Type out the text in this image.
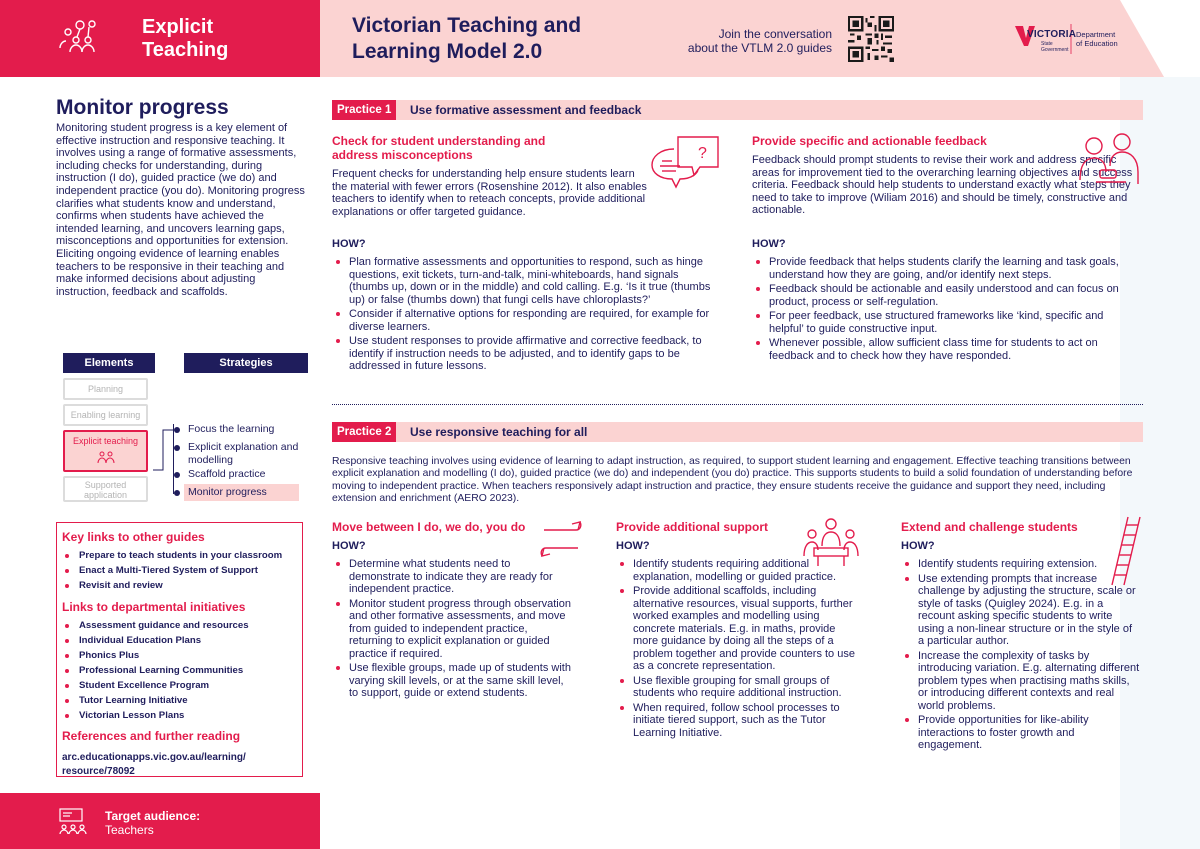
Explicit
Teaching
Victorian Teaching and
Learning Model 2.0
Join the conversation
about the VTLM 2.0 guides
VICTORIA
State Government
Department
of Education
Monitor progress
Monitoring student progress is a key element of effective instruction and responsive teaching. It involves using a range of formative assessments, including checks for understanding, during instruction (I do), guided practice (we do) and independent practice (you do). Monitoring progress clarifies what students know and understand, confirms when students have achieved the intended learning, and uncovers learning gaps, misconceptions and opportunities for extension. Eliciting ongoing evidence of learning enables teachers to be responsive in their teaching and make informed decisions about adjusting instruction, feedback and scaffolds.
Elements	Strategies
Planning
Enabling learning
Explicit teaching
Supported application
Focus the learning
Explicit explanation and modelling
Scaffold practice
Monitor progress
Key links to other guides
Prepare to teach students in your classroom
Enact a Multi-Tiered System of Support
Revisit and review
Links to departmental initiatives
Assessment guidance and resources
Individual Education Plans
Phonics Plus
Professional Learning Communities
Student Excellence Program
Tutor Learning Initiative
Victorian Lesson Plans
References and further reading
arc.educationapps.vic.gov.au/learning/ resource/78092
Target audience:
Teachers
Practice 1	Use formative assessment and feedback
Check for student understanding and address misconceptions
Frequent checks for understanding help ensure students learn the material with fewer errors (Rosenshine 2012). It also enables teachers to identify when to reteach concepts, provide additional explanations or offer targeted guidance.
HOW?
Plan formative assessments and opportunities to respond, such as hinge questions, exit tickets, turn-and-talk, mini-whiteboards, hand signals (thumbs up, down or in the middle) and cold calling. E.g. ‘Is it true (thumbs up) or false (thumbs down) that fungi cells have chloroplasts?’
Consider if alternative options for responding are required, for example for diverse learners.
Use student responses to provide affirmative and corrective feedback, to identify if instruction needs to be adjusted, and to identify gaps to be addressed in future lessons.
?
Provide specific and actionable feedback
Feedback should prompt students to revise their work and address specific areas for improvement tied to the overarching learning objectives and success criteria. Feedback should help students to understand exactly what steps they need to take to improve (Wiliam 2016) and should be timely, constructive and actionable.
HOW?
Provide feedback that helps students clarify the learning and task goals, understand how they are going, and/or identify next steps.
Feedback should be actionable and easily understood and can focus on product, process or self-regulation.
For peer feedback, use structured frameworks like ‘kind, specific and helpful’ to guide constructive input.
Whenever possible, allow sufficient class time for students to act on feedback and to check how they have responded.
Practice 2	Use responsive teaching for all
Responsive teaching involves using evidence of learning to adapt instruction, as required, to support student learning and engagement. Effective teaching transitions between explicit explanation and modelling (I do), guided practice (we do) and independent (you do) practice. This supports students to build a solid foundation of understanding before moving to independent practice. When teachers responsively adapt instruction and practice, they ensure students receive the guidance and support they need, including extension and enrichment (AERO 2023).
Move between I do, we do, you do
HOW?
Determine what students need to demonstrate to indicate they are ready for independent practice.
Monitor student progress through observation and other formative assessments, and move from guided to independent practice, returning to explicit explanation or guided practice if required.
Use flexible groups, made up of students with varying skill levels, or at the same skill level, to support, guide or extend students.
Provide additional support
HOW?
Identify students requiring additional explanation, modelling or guided practice.
Provide additional scaffolds, including alternative resources, visual supports, further worked examples and modelling using concrete materials. E.g. in maths, provide more guidance by doing all the steps of a problem together and provide counters to use as a concrete representation.
Use flexible grouping for small groups of students who require additional instruction.
When required, follow school processes to initiate tiered support, such as the Tutor Learning Initiative.
Extend and challenge students
HOW?
Identify students requiring extension.
Use extending prompts that increase challenge by adjusting the structure, scale or style of tasks (Quigley 2024). E.g. in a recount asking specific students to write using a non-linear structure or in the style of a particular author.
Increase the complexity of tasks by introducing variation. E.g. alternating different problem types when practising maths skills, or introducing different contexts and real world problems.
Provide opportunities for like-ability interactions to foster growth and engagement.
